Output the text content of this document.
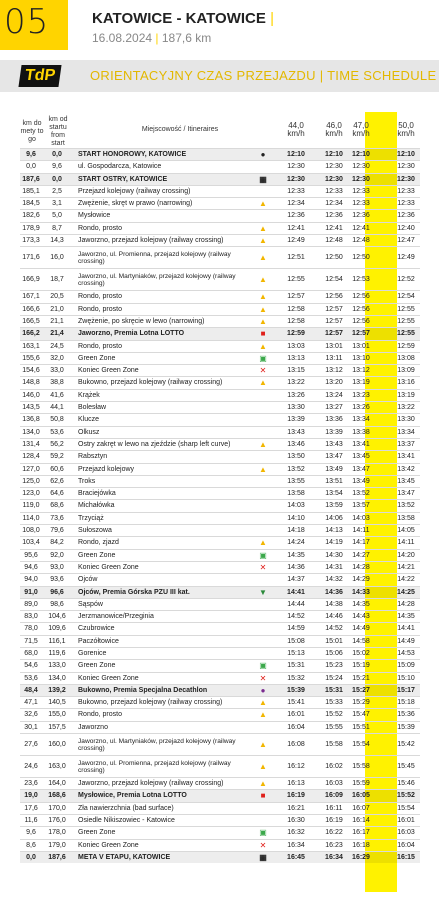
05	KATOWICE - KATOWICE |
16.08.2024 | 187,6 km
TdP	ORIENTACYJNY CZAS PRZEJAZDU | TIME SCHEDULE
km do mety to go
km od startu from start
Miejscowość / Itineraires	44,0
km/h
46,0
km/h
47,0
km/h
50,0
km/h
9,6	0,0	START HONOROWY, KATOWICE	●	12:10	12:10	12:10	12:10
0,0	9,6	ul. Gospodarcza, Katowice	12:30	12:30	12:30	12:30
187,6	0,0	START OSTRY, KATOWICE	▦	12:30	12:30	12:30	12:30
185,1	2,5	Przejazd kolejowy (railway crossing)	12:33	12:33	12:33	12:33
184,5	3,1	Zwężenie, skręt w prawo (narrowing)	▲	12:34	12:34	12:33	12:33
182,6	5,0	Mysłowice	12:36	12:36	12:36	12:36
178,9	8,7	Rondo, prosto	▲	12:41	12:41	12:41	12:40
173,3	14,3	Jaworzno, przejazd kolejowy (railway crossing)	▲	12:49	12:48	12:48	12:47
171,6	16,0	Jaworzno, ul. Promienna, przejazd kolejowy (railway crossing)	▲	12:51	12:50	12:50	12:49
166,9	18,7	Jaworzno, ul. Martyniaków, przejazd kolejowy (railway crossing)	▲	12:55	12:54	12:53	12:52
167,1	20,5	Rondo, prosto	▲	12:57	12:56	12:56	12:54
166,6	21,0	Rondo, prosto	▲	12:58	12:57	12:56	12:55
166,5	21,1	Zwężenie, po skręcie w lewo (narrowing)	▲	12:58	12:57	12:56	12:55
166,2	21,4	Jaworzno, Premia Lotna LOTTO	■	12:59	12:57	12:57	12:55
163,1	24,5	Rondo, prosto	▲	13:03	13:01	13:01	12:59
155,6	32,0	Green Zone	▣	13:13	13:11	13:10	13:08
154,6	33,0	Koniec Green Zone	✕	13:15	13:12	13:12	13:09
148,8	38,8	Bukowno, przejazd kolejowy (railway crossing)	▲	13:22	13:20	13:19	13:16
146,0	41,6	Krążek	13:26	13:24	13:23	13:19
143,5	44,1	Bolesław	13:30	13:27	13:26	13:22
136,8	50,8	Klucze	13:39	13:36	13:34	13:30
134,0	53,6	Olkusz	13:43	13:39	13:38	13:34
131,4	56,2	Ostry zakręt w lewo na zjeździe (sharp left curve)	▲	13:46	13:43	13:41	13:37
128,4	59,2	Rabsztyn	13:50	13:47	13:45	13:41
127,0	60,6	Przejazd kolejowy	▲	13:52	13:49	13:47	13:42
125,0	62,6	Troks	13:55	13:51	13:49	13:45
123,0	64,6	Braciejówka	13:58	13:54	13:52	13:47
119,0	68,6	Michałówka	14:03	13:59	13:57	13:52
114,0	73,6	Trzyciąż	14:10	14:06	14:03	13:58
108,0	79,6	Sułoszowa	14:18	14:13	14:11	14:05
103,4	84,2	Rondo, zjazd	▲	14:24	14:19	14:17	14:11
95,6	92,0	Green Zone	▣	14:35	14:30	14:27	14:20
94,6	93,0	Koniec Green Zone	✕	14:36	14:31	14:28	14:21
94,0	93,6	Ojców	14:37	14:32	14:29	14:22
91,0	96,6	Ojców, Premia Górska PZU III kat.	▼	14:41	14:36	14:33	14:25
89,0	98,6	Sąspów	14:44	14:38	14:35	14:28
83,0	104,6	Jerzmanowice/Przeginia	14:52	14:46	14:43	14:35
78,0	109,6	Czubrowice	14:59	14:52	14:49	14:41
71,5	116,1	Paczółtowice	15:08	15:01	14:58	14:49
68,0	119,6	Gorenice	15:13	15:06	15:02	14:53
54,6	133,0	Green Zone	▣	15:31	15:23	15:19	15:09
53,6	134,0	Koniec Green Zone	✕	15:32	15:24	15:21	15:10
48,4	139,2	Bukowno, Premia Specjalna Decathlon	●	15:39	15:31	15:27	15:17
47,1	140,5	Bukowno, przejazd kolejowy (railway crossing)	▲	15:41	15:33	15:29	15:18
32,6	155,0	Rondo, prosto	▲	16:01	15:52	15:47	15:36
30,1	157,5	Jaworzno	16:04	15:55	15:51	15:39
27,6	160,0	Jaworzno, ul. Martyniaków, przejazd kolejowy (railway crossing)	▲	16:08	15:58	15:54	15:42
24,6	163,0	Jaworzno, ul. Promienna, przejazd kolejowy (railway crossing)	▲	16:12	16:02	15:58	15:45
23,6	164,0	Jaworzno, przejazd kolejowy (railway crossing)	▲	16:13	16:03	15:59	15:46
19,0	168,6	Mysłowice, Premia Lotna LOTTO	■	16:19	16:09	16:05	15:52
17,6	170,0	Zła nawierzchnia (bad surface)	16:21	16:11	16:07	15:54
11,6	176,0	Osiedle Nikiszowiec - Katowice	16:30	16:19	16:14	16:01
9,6	178,0	Green Zone	▣	16:32	16:22	16:17	16:03
8,6	179,0	Koniec Green Zone	✕	16:34	16:23	16:18	16:04
0,0	187,6	META V ETAPU, KATOWICE	▦	16:45	16:34	16:29	16:15
